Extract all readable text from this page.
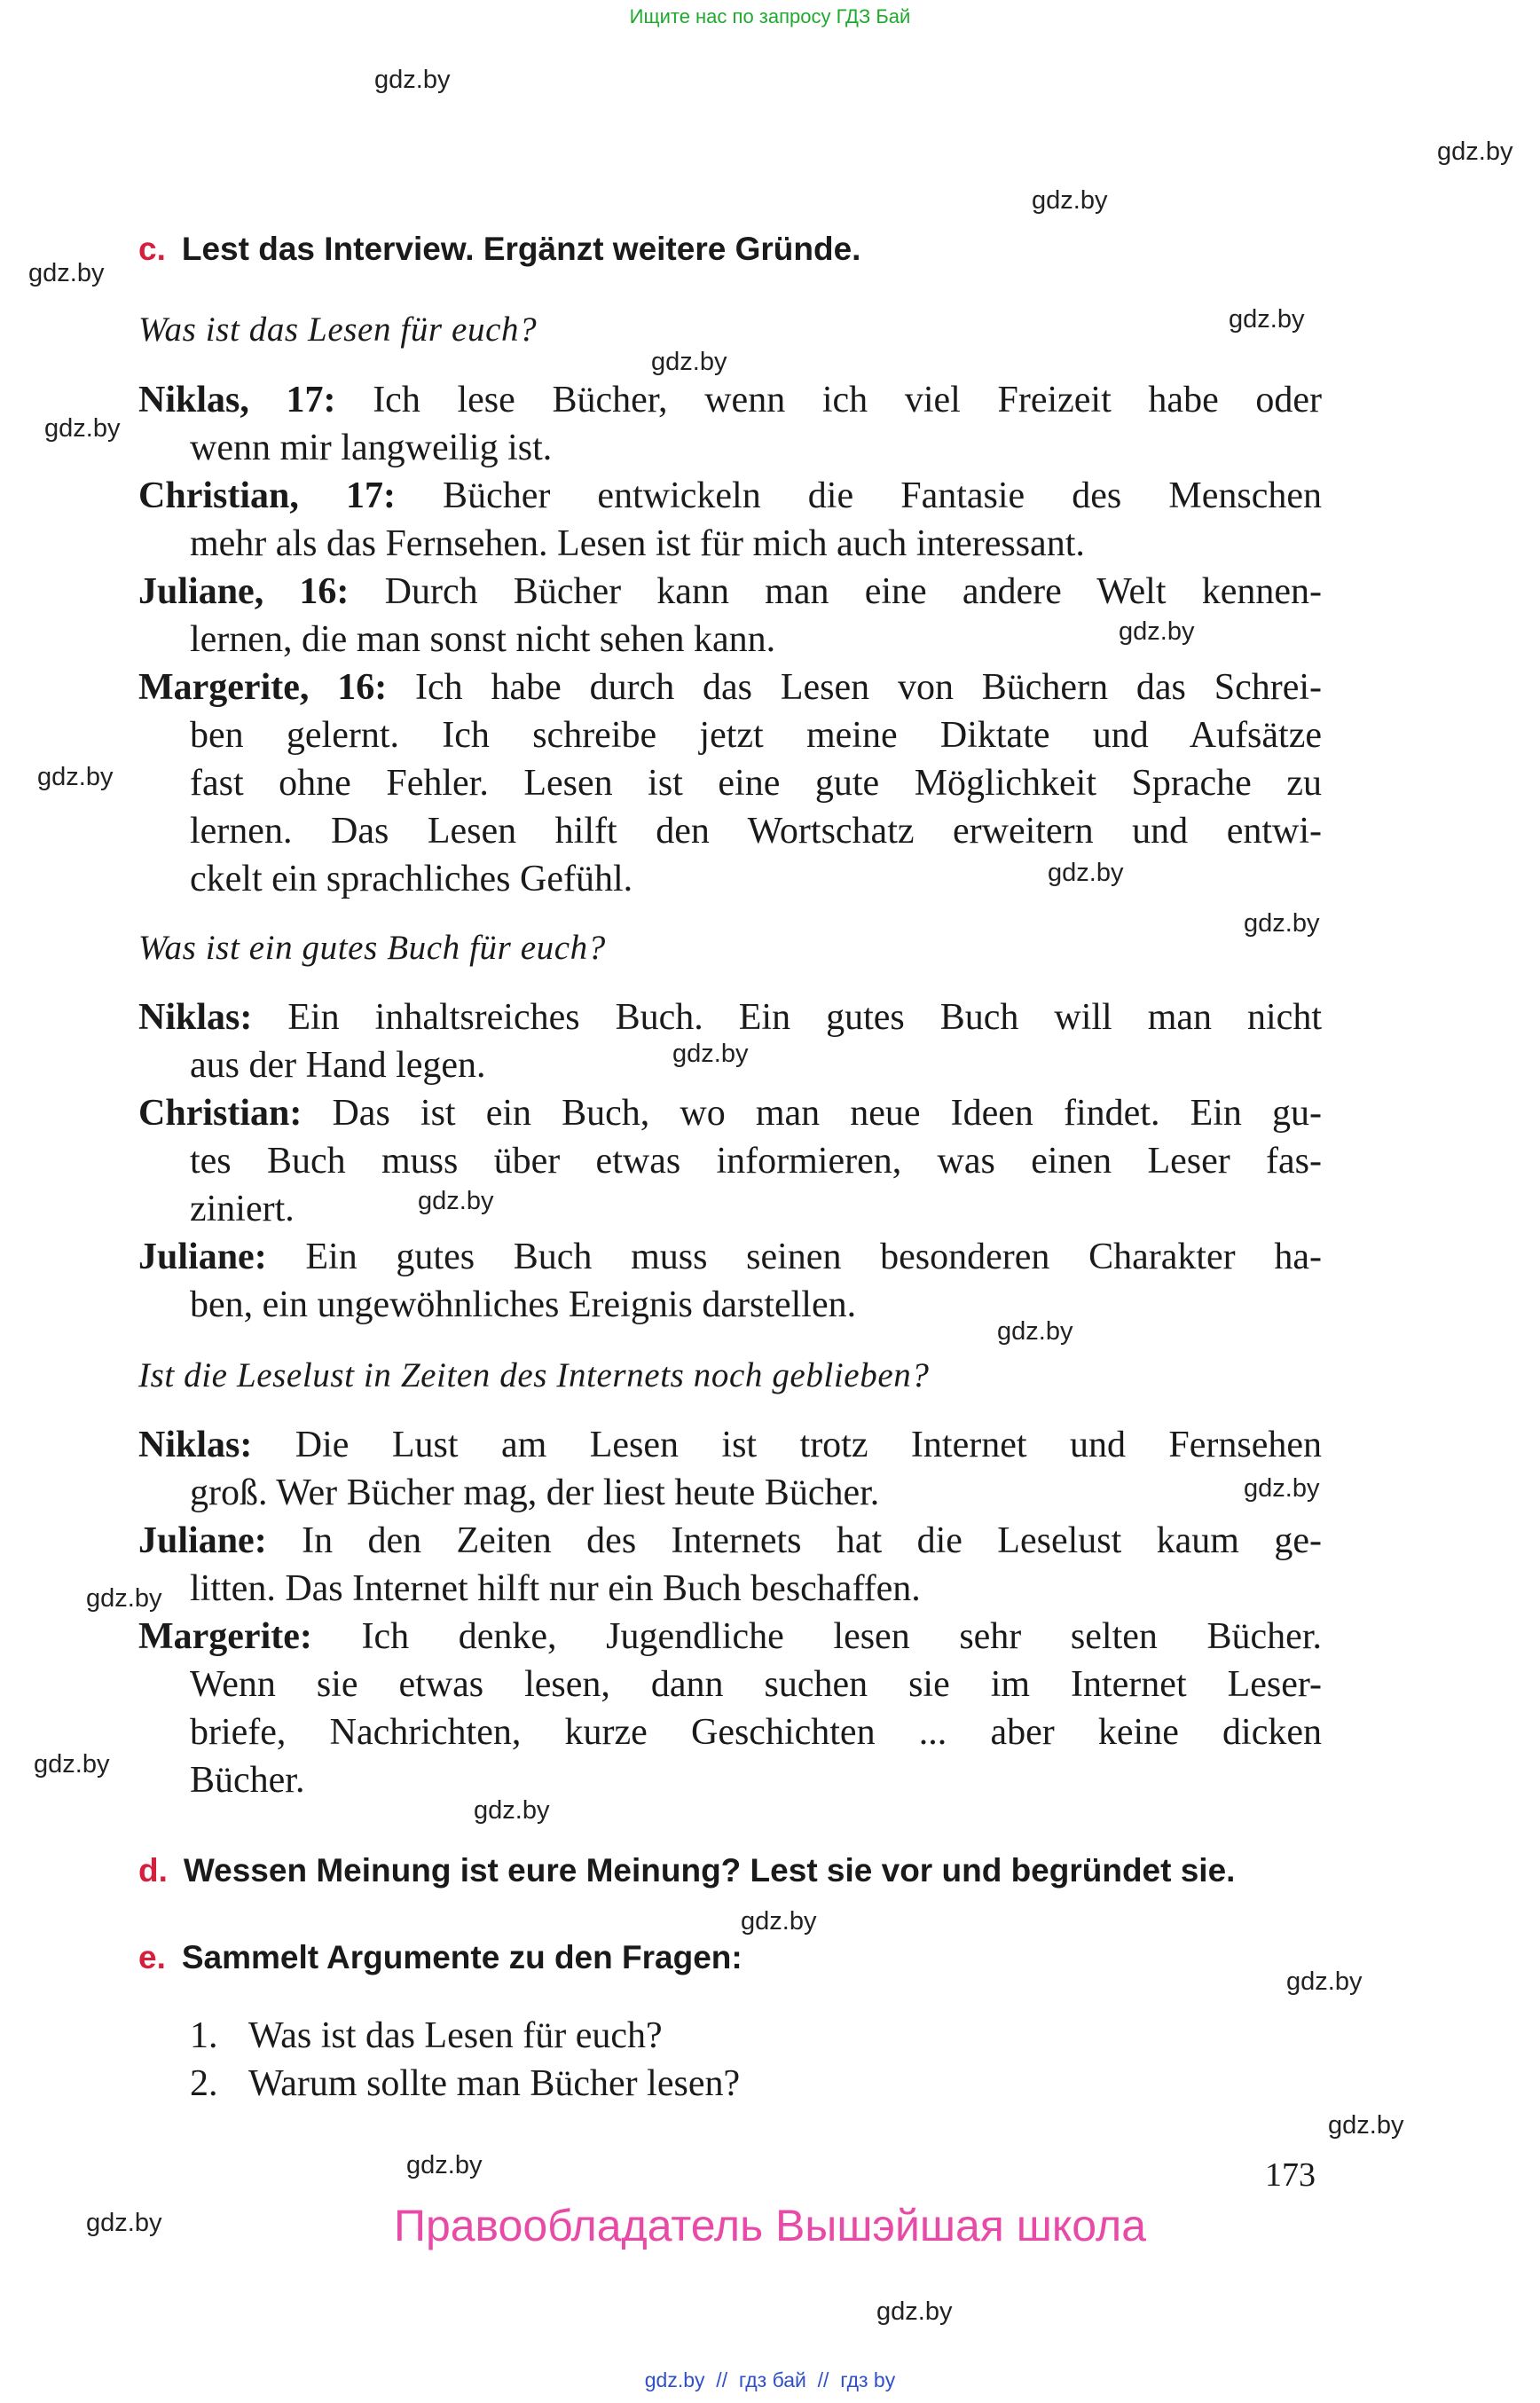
Ищите нас по запросу ГДЗ Бай
gdz.by
gdz.by
gdz.by
gdz.by
gdz.by
gdz.by
gdz.by
gdz.by
gdz.by
gdz.by
gdz.by
gdz.by
gdz.by
gdz.by
gdz.by
gdz.by
gdz.by
gdz.by
gdz.by
gdz.by
gdz.by
gdz.by
gdz.by
gdz.by
c. Lest das Interview. Ergänzt weitere Gründe.
Was ist das Lesen für euch?
Niklas, 17: Ich lese Bücher, wenn ich viel Freizeit habe oder
wenn mir langweilig ist.
Christian, 17: Bücher entwickeln die Fantasie des Menschen
mehr als das Fernsehen. Lesen ist für mich auch interessant.
Juliane, 16: Durch Bücher kann man eine andere Welt kennen-
lernen, die man sonst nicht sehen kann.
Margerite, 16: Ich habe durch das Lesen von Büchern das Schrei-
ben gelernt. Ich schreibe jetzt meine Diktate und Aufsätze
fast ohne Fehler. Lesen ist eine gute Möglichkeit Sprache zu
lernen. Das Lesen hilft den Wortschatz erweitern und entwi-
ckelt ein sprachliches Gefühl.
Was ist ein gutes Buch für euch?
Niklas: Ein inhaltsreiches Buch. Ein gutes Buch will man nicht
aus der Hand legen.
Christian: Das ist ein Buch, wo man neue Ideen findet. Ein gu-
tes Buch muss über etwas informieren, was einen Leser fas-
ziniert.
Juliane: Ein gutes Buch muss seinen besonderen Charakter ha-
ben, ein ungewöhnliches Ereignis darstellen.
Ist die Leselust in Zeiten des Internets noch geblieben?
Niklas: Die Lust am Lesen ist trotz Internet und Fernsehen
groß. Wer Bücher mag, der liest heute Bücher.
Juliane: In den Zeiten des Internets hat die Leselust kaum ge-
litten. Das Internet hilft nur ein Buch beschaffen.
Margerite: Ich denke, Jugendliche lesen sehr selten Bücher.
Wenn sie etwas lesen, dann suchen sie im Internet Leser-
briefe, Nachrichten, kurze Geschichten ... aber keine dicken
Bücher.
d. Wessen Meinung ist eure Meinung? Lest sie vor und begründet sie.
e. Sammelt Argumente zu den Fragen:
1. Was ist das Lesen für euch?
2. Warum sollte man Bücher lesen?
173
Правообладатель Вышэйшая школа
gdz.by  //  гдз бай  //  гдз by
